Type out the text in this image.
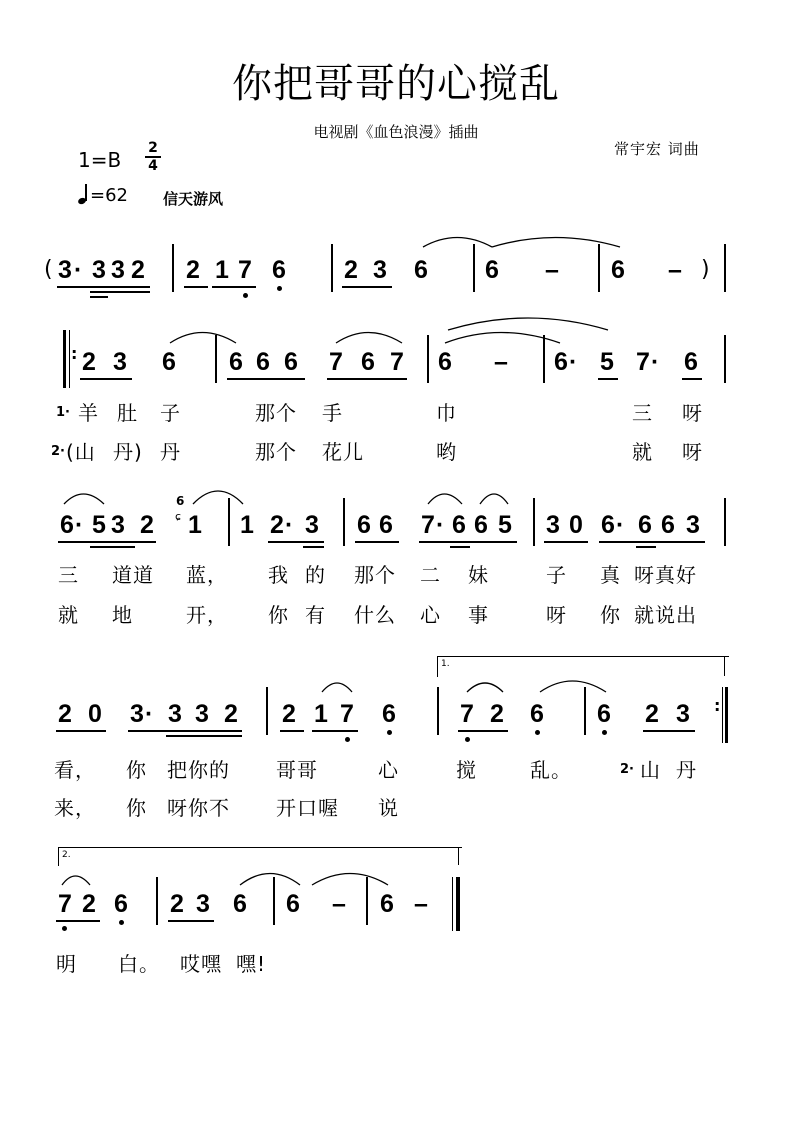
你把哥哥的心搅乱
电视剧《血色浪漫》插曲
常宇宏 词曲
1=B 2
4
=62 信天游风
( 3 · 3 3 2 2 1 7 6 2 3 6 6 – 6 – )
: 2 3 6 6 6 6 7 6 7 6 – 6 · 5 7 · 6
1· 羊 肚 子	那个 手	巾	三 呀
2· (山 丹) 丹	那个 花儿	哟	就 呀
6 · 5 3 2
6
ɕ 1 1 2 · 3 6 6 7 · 6 6 5 3 0 6 · 6 6 3
三 道道 蓝， 我 的 那个 二 妹	子 真 呀真好
就 地	开， 你 有 什么 心 事	呀 你 就说出
1.
2 0 3 · 3 3 2 2 1 7 6	7 2 6 6 2 3 :
看， 你 把你的 哥哥	心	搅	乱。	2· 山 丹
来， 你 呀你不 开口喔 说
2.
7 2 6 2 3 6 6 – 6 –
明 白。 哎嘿 嘿!
